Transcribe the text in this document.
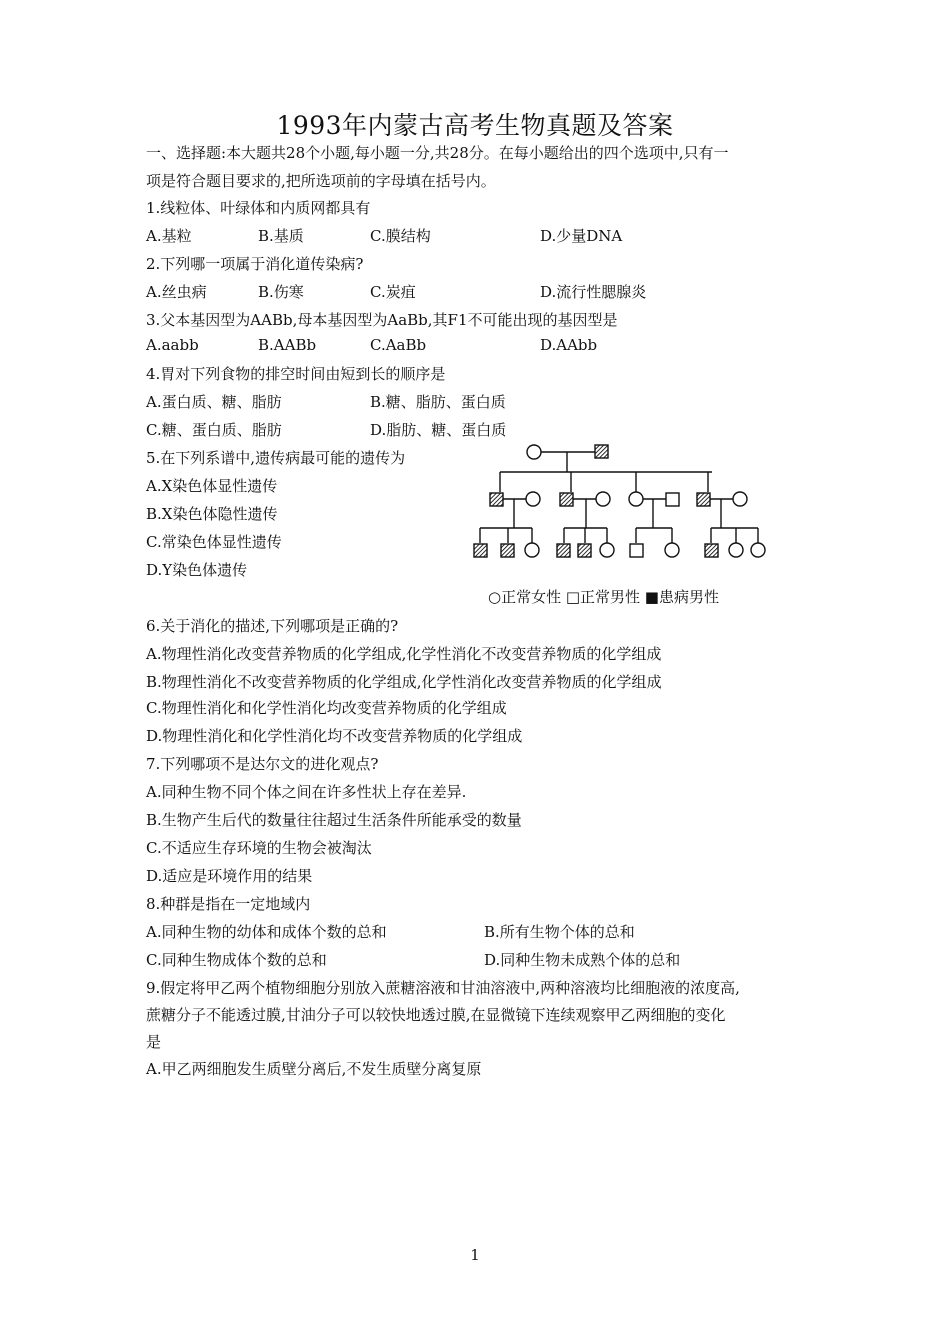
1993年内蒙古高考生物真题及答案
一、选择题:本大题共28个小题,每小题一分,共28分。在每小题给出的四个选项中,只有一
项是符合题目要求的,把所选项前的字母填在括号内。
1.线粒体、叶绿体和内质网都具有
A.基粒	B.基质	C.膜结构	D.少量DNA
2.下列哪一项属于消化道传染病?
A.丝虫病	B.伤寒	C.炭疽	D.流行性腮腺炎
3.父本基因型为AABb,母本基因型为AaBb,其F1不可能出现的基因型是
A.aabb	B.AABb	C.AaBb	D.AAbb
4.胃对下列食物的排空时间由短到长的顺序是
A.蛋白质、糖、脂肪	B.糖、脂肪、蛋白质
C.糖、蛋白质、脂肪	D.脂肪、糖、蛋白质
5.在下列系谱中,遗传病最可能的遗传为
A.X染色体显性遗传
B.X染色体隐性遗传
C.常染色体显性遗传
D.Y染色体遗传
○正常女性 □正常男性 ■患病男性
6.关于消化的描述,下列哪项是正确的?
A.物理性消化改变营养物质的化学组成,化学性消化不改变营养物质的化学组成
B.物理性消化不改变营养物质的化学组成,化学性消化改变营养物质的化学组成
C.物理性消化和化学性消化均改变营养物质的化学组成
D.物理性消化和化学性消化均不改变营养物质的化学组成
7.下列哪项不是达尔文的进化观点?
A.同种生物不同个体之间在许多性状上存在差异.
B.生物产生后代的数量往往超过生活条件所能承受的数量
C.不适应生存环境的生物会被淘汰
D.适应是环境作用的结果
8.种群是指在一定地域内
A.同种生物的幼体和成体个数的总和	B.所有生物个体的总和
C.同种生物成体个数的总和	D.同种生物未成熟个体的总和
9.假定将甲乙两个植物细胞分别放入蔗糖溶液和甘油溶液中,两种溶液均比细胞液的浓度高,
蔗糖分子不能透过膜,甘油分子可以较快地透过膜,在显微镜下连续观察甲乙两细胞的变化
是
A.甲乙两细胞发生质壁分离后,不发生质壁分离复原
1
